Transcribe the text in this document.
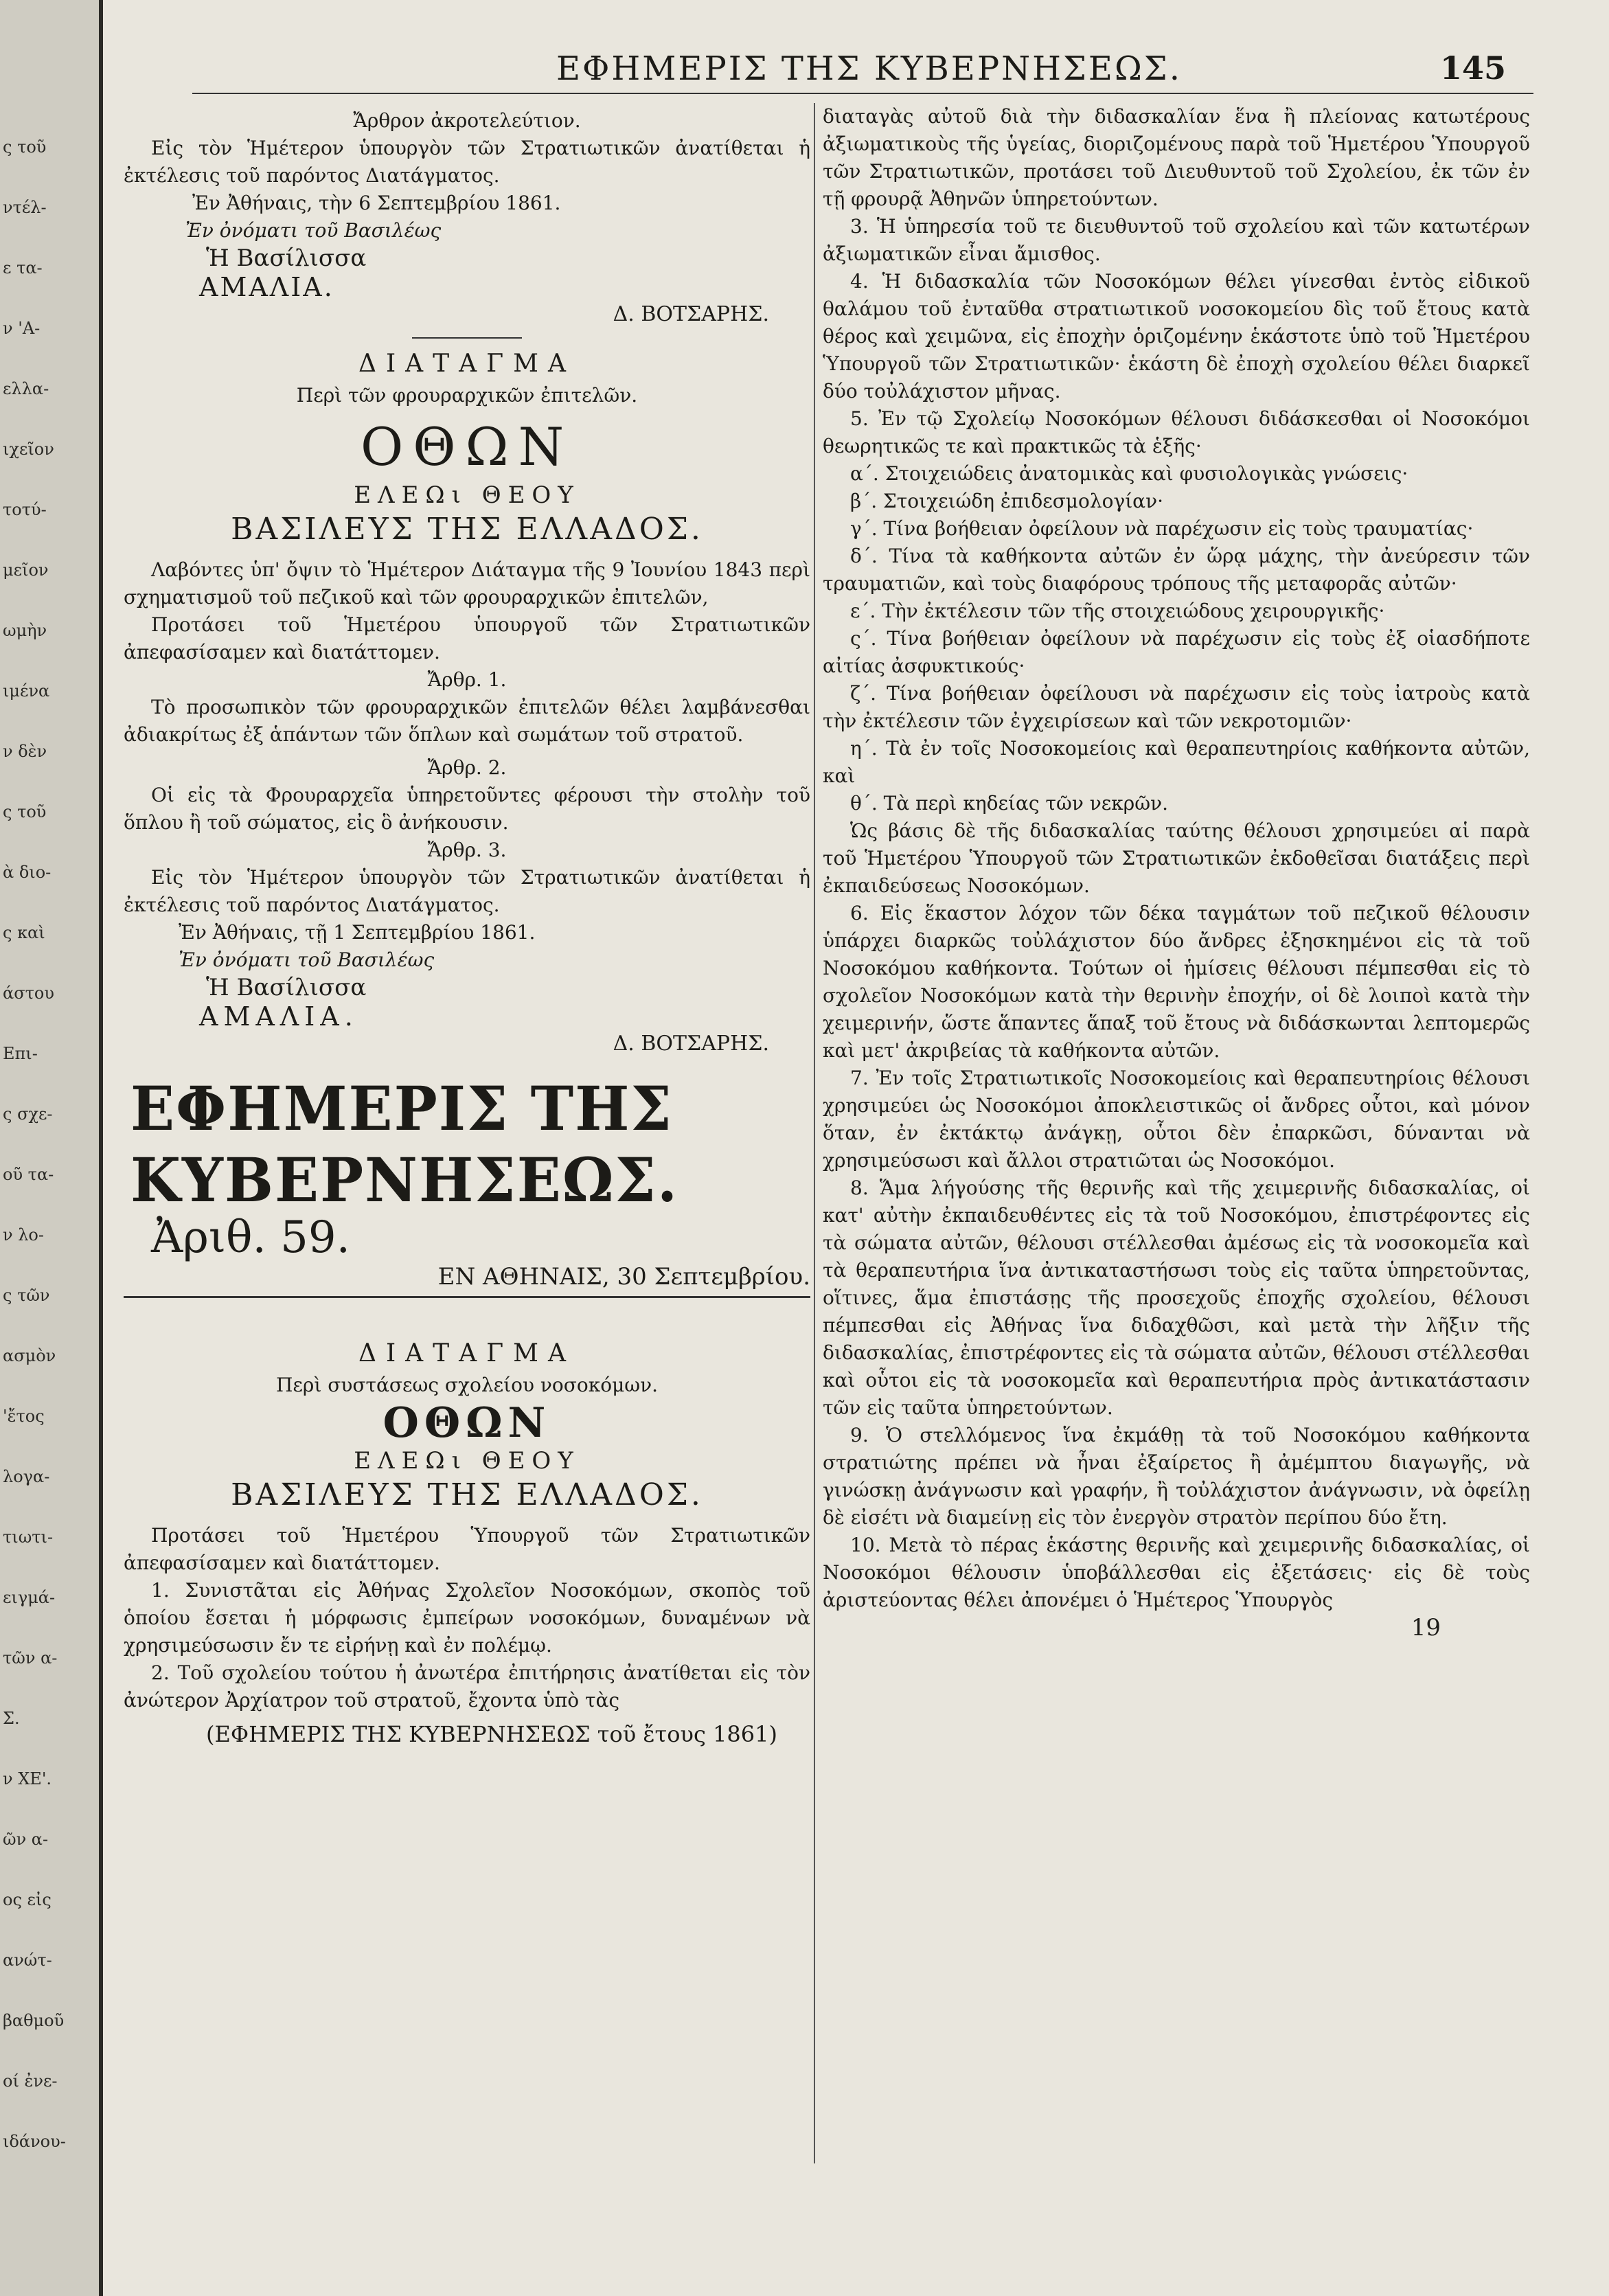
ς τοῦ
ντέλ-
ε τα-
ν 'Α-
ελλα-
ιχεῖον
τοτύ-
μεῖον
ωμὴν
ιμένα
ν δὲν
ς τοῦ
ὰ διο-
ς καὶ
άστου
Επι-
ς σχε-
οῦ τα-
ν λο-
ς τῶν
ασμὸν
'ἔτος
λογα-
τιωτι-
ειγμά-
τῶν α-
Σ.
ν ΧΕ'.
ῶν α-
ος εἰς
ανώτ-
βαθμοῦ
οί ἐνε-
ιδάνου-
ΕΦΗΜΕΡΙΣ ΤΗΣ ΚΥΒΕΡΝΗΣΕΩΣ.	145

Ἄρθρον ἀκροτελεύτιον.

Εἰς τὸν Ἡμέτερον ὑπουργὸν τῶν Στρατιωτικῶν ἀνατίθεται ἡ ἐκτέλεσις τοῦ παρόντος Διατάγματος.

Ἐν Ἀθήναις, τὴν 6 Σεπτεμβρίου 1861.

Ἐν ὀνόματι τοῦ Βασιλέως

Ἡ Βασίλισσα

ΑΜΑΛΙΑ.

Δ. ΒΟΤΣΑΡΗΣ.

ΔΙΑΤΑΓΜΑ

Περὶ τῶν φρουραρχικῶν ἐπιτελῶν.

ΟΘΩΝ
ΕΛΕΩι ΘΕΟΥ
ΒΑΣΙΛΕΥΣ ΤΗΣ ΕΛΛΑΔΟΣ.

Λαβόντες ὑπ' ὄψιν τὸ Ἡμέτερον Διάταγμα τῆς 9 Ἰουνίου 1843 περὶ σχηματισμοῦ τοῦ πεζικοῦ καὶ τῶν φρουραρχικῶν ἐπιτελῶν,

Προτάσει τοῦ Ἡμετέρου ὑπουργοῦ τῶν Στρατιωτικῶν ἀπεφασίσαμεν καὶ διατάττομεν.

Ἄρθρ. 1.

Τὸ προσωπικὸν τῶν φρουραρχικῶν ἐπιτελῶν θέλει λαμβάνεσθαι ἀδιακρίτως ἐξ ἁπάντων τῶν ὅπλων καὶ σωμάτων τοῦ στρατοῦ.

Ἄρθρ. 2.

Οἱ εἰς τὰ Φρουραρχεῖα ὑπηρετοῦντες φέρουσι τὴν στολὴν τοῦ ὅπλου ἢ τοῦ σώματος, εἰς ὃ ἀνήκουσιν.

Ἄρθρ. 3.

Εἰς τὸν Ἡμέτερον ὑπουργὸν τῶν Στρατιωτικῶν ἀνατίθεται ἡ ἐκτέλεσις τοῦ παρόντος Διατάγματος.

Ἐν Ἀθήναις, τῇ 1 Σεπτεμβρίου 1861.

Ἐν ὀνόματι τοῦ Βασιλέως

Ἡ Βασίλισσα

ΑΜΑΛΙΑ.

Δ. ΒΟΤΣΑΡΗΣ.

ΕΦΗΜΕΡΙΣ ΤΗΣ ΚΥΒΕΡΝΗΣΕΩΣ.
Ἀριθ. 59.
ΕΝ ΑΘΗΝΑΙΣ, 30 Σεπτεμβρίου.
ΔΙΑΤΑΓΜΑ

Περὶ συστάσεως σχολείου νοσοκόμων.

ΟΘΩΝ
ΕΛΕΩι ΘΕΟΥ
ΒΑΣΙΛΕΥΣ ΤΗΣ ΕΛΛΑΔΟΣ.

Προτάσει τοῦ Ἡμετέρου Ὑπουργοῦ τῶν Στρατιωτικῶν ἀπεφασίσαμεν καὶ διατάττομεν.

1. Συνιστᾶται εἰς Ἀθήνας Σχολεῖον Νοσοκόμων, σκοπὸς τοῦ ὁποίου ἔσεται ἡ μόρφωσις ἐμπείρων νοσοκόμων, δυναμένων νὰ χρησιμεύσωσιν ἔν τε εἰρήνῃ καὶ ἐν πολέμῳ.

2. Τοῦ σχολείου τούτου ἡ ἀνωτέρα ἐπιτήρησις ἀνατίθεται εἰς τὸν ἀνώτερον Ἀρχίατρον τοῦ στρατοῦ, ἔχοντα ὑπὸ τὰς

(ΕΦΗΜΕΡΙΣ ΤΗΣ ΚΥΒΕΡΝΗΣΕΩΣ τοῦ ἔτους 1861)

διαταγὰς αὐτοῦ διὰ τὴν διδασκαλίαν ἕνα ἢ πλείονας κατωτέρους ἀξιωματικοὺς τῆς ὑγείας, διοριζομένους παρὰ τοῦ Ἡμετέρου Ὑπουργοῦ τῶν Στρατιωτικῶν, προτάσει τοῦ Διευθυντοῦ τοῦ Σχολείου, ἐκ τῶν ἐν τῇ φρουρᾷ Ἀθηνῶν ὑπηρετούντων.

3. Ἡ ὑπηρεσία τοῦ τε διευθυντοῦ τοῦ σχολείου καὶ τῶν κατωτέρων ἀξιωματικῶν εἶναι ἄμισθος.

4. Ἡ διδασκαλία τῶν Νοσοκόμων θέλει γίνεσθαι ἐντὸς εἰδικοῦ θαλάμου τοῦ ἐνταῦθα στρατιωτικοῦ νοσοκομείου δὶς τοῦ ἔτους κατὰ θέρος καὶ χειμῶνα, εἰς ἐποχὴν ὁριζομένην ἑκάστοτε ὑπὸ τοῦ Ἡμετέρου Ὑπουργοῦ τῶν Στρατιωτικῶν· ἑκάστη δὲ ἐποχὴ σχολείου θέλει διαρκεῖ δύο τοὐλάχιστον μῆνας.

5. Ἐν τῷ Σχολείῳ Νοσοκόμων θέλουσι διδάσκεσθαι οἱ Νοσοκόμοι θεωρητικῶς τε καὶ πρακτικῶς τὰ ἑξῆς·

α΄. Στοιχειώδεις ἀνατομικὰς καὶ φυσιολογικὰς γνώσεις·

β΄. Στοιχειώδη ἐπιδεσμολογίαν·

γ΄. Τίνα βοήθειαν ὀφείλουν νὰ παρέχωσιν εἰς τοὺς τραυματίας·

δ΄. Τίνα τὰ καθήκοντα αὐτῶν ἐν ὥρᾳ μάχης, τὴν ἀνεύρεσιν τῶν τραυματιῶν, καὶ τοὺς διαφόρους τρόπους τῆς μεταφορᾶς αὐτῶν·

ε΄. Τὴν ἐκτέλεσιν τῶν τῆς στοιχειώδους χειρουργικῆς·

ς΄. Τίνα βοήθειαν ὀφείλουν νὰ παρέχωσιν εἰς τοὺς ἐξ οἱασδήποτε αἰτίας ἀσφυκτικούς·

ζ΄. Τίνα βοήθειαν ὀφείλουσι νὰ παρέχωσιν εἰς τοὺς ἰατροὺς κατὰ τὴν ἐκτέλεσιν τῶν ἐγχειρίσεων καὶ τῶν νεκροτομιῶν·

η΄. Τὰ ἐν τοῖς Νοσοκομείοις καὶ θεραπευτηρίοις καθήκοντα αὐτῶν, καὶ

θ΄. Τὰ περὶ κηδείας τῶν νεκρῶν.

Ὡς βάσις δὲ τῆς διδασκαλίας ταύτης θέλουσι χρησιμεύει αἱ παρὰ τοῦ Ἡμετέρου Ὑπουργοῦ τῶν Στρατιωτικῶν ἐκδοθεῖσαι διατάξεις περὶ ἐκπαιδεύσεως Νοσοκόμων.

6. Εἰς ἕκαστον λόχον τῶν δέκα ταγμάτων τοῦ πεζικοῦ θέλουσιν ὑπάρχει διαρκῶς τοὐλάχιστον δύο ἄνδρες ἐξησκημένοι εἰς τὰ τοῦ Νοσοκόμου καθήκοντα. Τούτων οἱ ἡμίσεις θέλουσι πέμπεσθαι εἰς τὸ σχολεῖον Νοσοκόμων κατὰ τὴν θερινὴν ἐποχήν, οἱ δὲ λοιποὶ κατὰ τὴν χειμερινήν, ὥστε ἅπαντες ἅπαξ τοῦ ἔτους νὰ διδάσκωνται λεπτομερῶς καὶ μετ' ἀκριβείας τὰ καθήκοντα αὐτῶν.

7. Ἐν τοῖς Στρατιωτικοῖς Νοσοκομείοις καὶ θεραπευτηρίοις θέλουσι χρησιμεύει ὡς Νοσοκόμοι ἀποκλειστικῶς οἱ ἄνδρες οὗτοι, καὶ μόνον ὅταν, ἐν ἐκτάκτῳ ἀνάγκῃ, οὗτοι δὲν ἐπαρκῶσι, δύνανται νὰ χρησιμεύσωσι καὶ ἄλλοι στρατιῶται ὡς Νοσοκόμοι.

8. Ἅμα λήγούσης τῆς θερινῆς καὶ τῆς χειμερινῆς διδασκαλίας, οἱ κατ' αὐτὴν ἐκπαιδευθέντες εἰς τὰ τοῦ Νοσοκόμου, ἐπιστρέφοντες εἰς τὰ σώματα αὐτῶν, θέλουσι στέλλεσθαι ἀμέσως εἰς τὰ νοσοκομεῖα καὶ τὰ θεραπευτήρια ἵνα ἀντικαταστήσωσι τοὺς εἰς ταῦτα ὑπηρετοῦντας, οἵτινες, ἅμα ἐπιστάσῃς τῆς προσεχοῦς ἐποχῆς σχολείου, θέλουσι πέμπεσθαι εἰς Ἀθήνας ἵνα διδαχθῶσι, καὶ μετὰ τὴν λῆξιν τῆς διδασκαλίας, ἐπιστρέφοντες εἰς τὰ σώματα αὐτῶν, θέλουσι στέλλεσθαι καὶ οὗτοι εἰς τὰ νοσοκομεῖα καὶ θεραπευτήρια πρὸς ἀντικατάστασιν τῶν εἰς ταῦτα ὑπηρετούντων.

9. Ὁ στελλόμενος ἵνα ἐκμάθῃ τὰ τοῦ Νοσοκόμου καθήκοντα στρατιώτης πρέπει νὰ ἦναι ἐξαίρετος ἢ ἀμέμπτου διαγωγῆς, νὰ γινώσκῃ ἀνάγνωσιν καὶ γραφήν, ἢ τοὐλάχιστον ἀνάγνωσιν, νὰ ὀφείλῃ δὲ εἰσέτι νὰ διαμείνῃ εἰς τὸν ἐνεργὸν στρατὸν περίπου δύο ἔτη.

10. Μετὰ τὸ πέρας ἑκάστης θερινῆς καὶ χειμερινῆς διδασκαλίας, οἱ Νοσοκόμοι θέλουσιν ὑποβάλλεσθαι εἰς ἐξετάσεις· εἰς δὲ τοὺς ἀριστεύοντας θέλει ἀπονέμει ὁ Ἡμέτερος Ὑπουργὸς

19
